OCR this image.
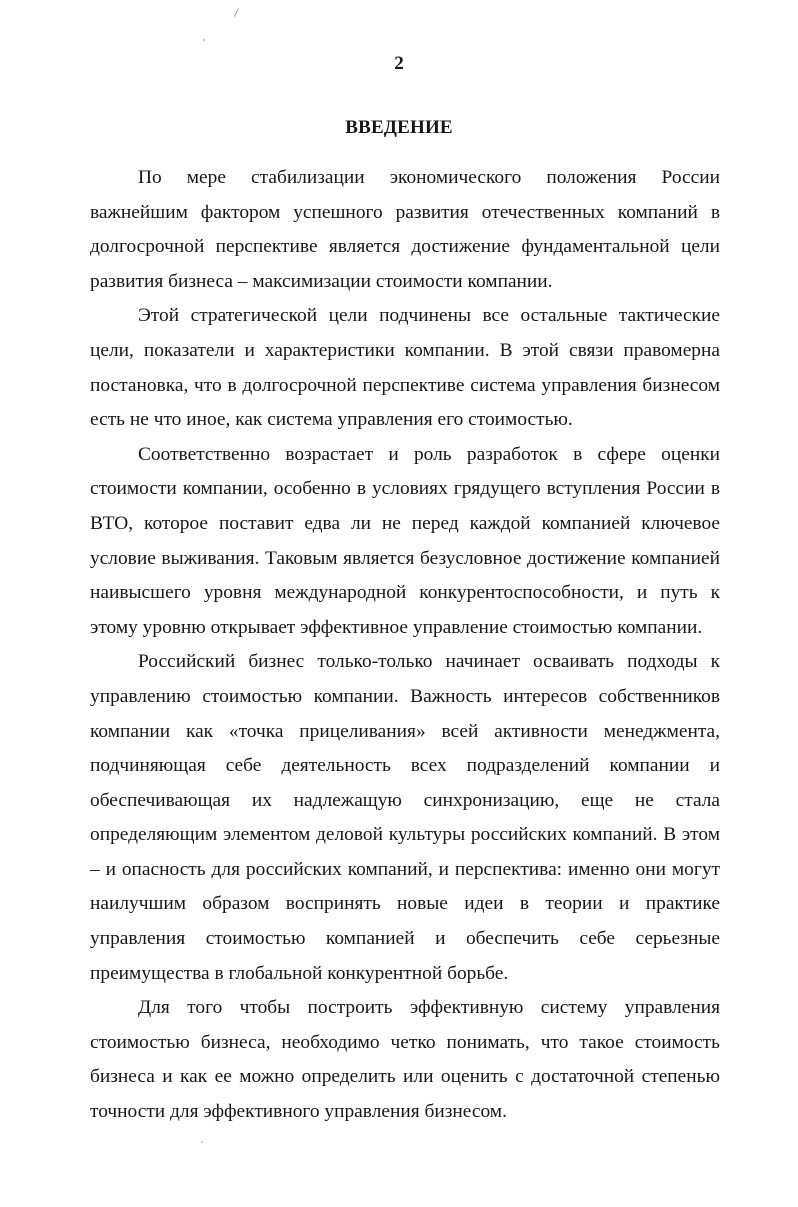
2
ВВЕДЕНИЕ

По мере стабилизации экономического положения России важнейшим фактором успешного развития отечественных компаний в долгосрочной перспективе является достижение фундаментальной цели развития бизнеса – максимизации стоимости компании.

Этой стратегической цели подчинены все остальные тактические цели, показатели и характеристики компании. В этой связи правомерна постановка, что в долгосрочной перспективе система управления бизнесом есть не что иное, как система управления его стоимостью.

Соответственно возрастает и роль разработок в сфере оценки стоимости компании, особенно в условиях грядущего вступления России в ВТО, которое поставит едва ли не перед каждой компанией ключевое условие выживания. Таковым является безусловное достижение компанией наивысшего уровня международной конкурентоспособности, и путь к этому уровню открывает эффективное управление стоимостью компании.

Российский бизнес только-только начинает осваивать подходы к управлению стоимостью компании. Важность интересов собственников компании как «точка прицеливания» всей активности менеджмента, подчиняющая себе деятельность всех подразделений компании и обеспечивающая их надлежащую синхронизацию, еще не стала определяющим элементом деловой культуры российских компаний. В этом – и опасность для российских компаний, и перспектива: именно они могут наилучшим образом воспринять новые идеи в теории и практике управления стоимостью компанией и обеспечить себе серьезные преимущества в глобальной конкурентной борьбе.

Для того чтобы построить эффективную систему управления стоимостью бизнеса, необходимо четко понимать, что такое стоимость бизнеса и как ее можно определить или оценить с достаточной степенью точности для эффективного управления бизнесом.
